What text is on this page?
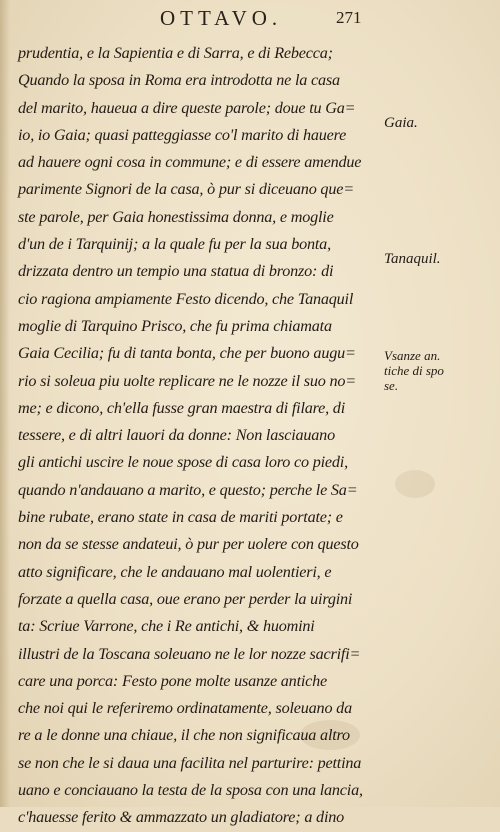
OTTAVO.	271
prudentia, e la Sapientia e di Sarra, e di Rebecca;
Quando la sposa in Roma era introdotta ne la casa
del marito, haueua a dire queste parole; doue tu Ga=
io, io Gaia; quasi patteggiasse co'l marito di hauere
ad hauere ogni cosa in commune; e di essere amendue
parimente Signori de la casa, ò pur si diceuano que=
ste parole, per Gaia honestissima donna, e moglie
d'un de i Tarquinij; a la quale fu per la sua bonta,
drizzata dentro un tempio una statua di bronzo: di
cio ragiona ampiamente Festo dicendo, che Tanaquil
moglie di Tarquino Prisco, che fu prima chiamata
Gaia Cecilia; fu di tanta bonta, che per buono augu=
rio si soleua piu uolte replicare ne le nozze il suo no=
me; e dicono, ch'ella fusse gran maestra di filare, di
tessere, e di altri lauori da donne: Non lasciauano
gli antichi uscire le noue spose di casa loro co piedi,
quando n'andauano a marito, e questo; perche le Sa=
bine rubate, erano state in casa de mariti portate; e
non da se stesse andateui, ò pur per uolere con questo
atto significare, che le andauano mal uolentieri, e
forzate a quella casa, oue erano per perder la uirgini
ta: Scriue Varrone, che i Re antichi, & huomini
illustri de la Toscana soleuano ne le lor nozze sacrifi=
care una porca: Festo pone molte usanze antiche
che noi qui le referiremo ordinatamente, soleuano da
re a le donne una chiaue, il che non significaua altro
se non che le si daua una facilita nel parturire: pettina
uano e conciauano la testa de la sposa con una lancia,
c'hauesse ferito & ammazzato un gladiatore; a dino
Gaia.
Tanaquil.
Vsanze an.
tiche di spo
se.
